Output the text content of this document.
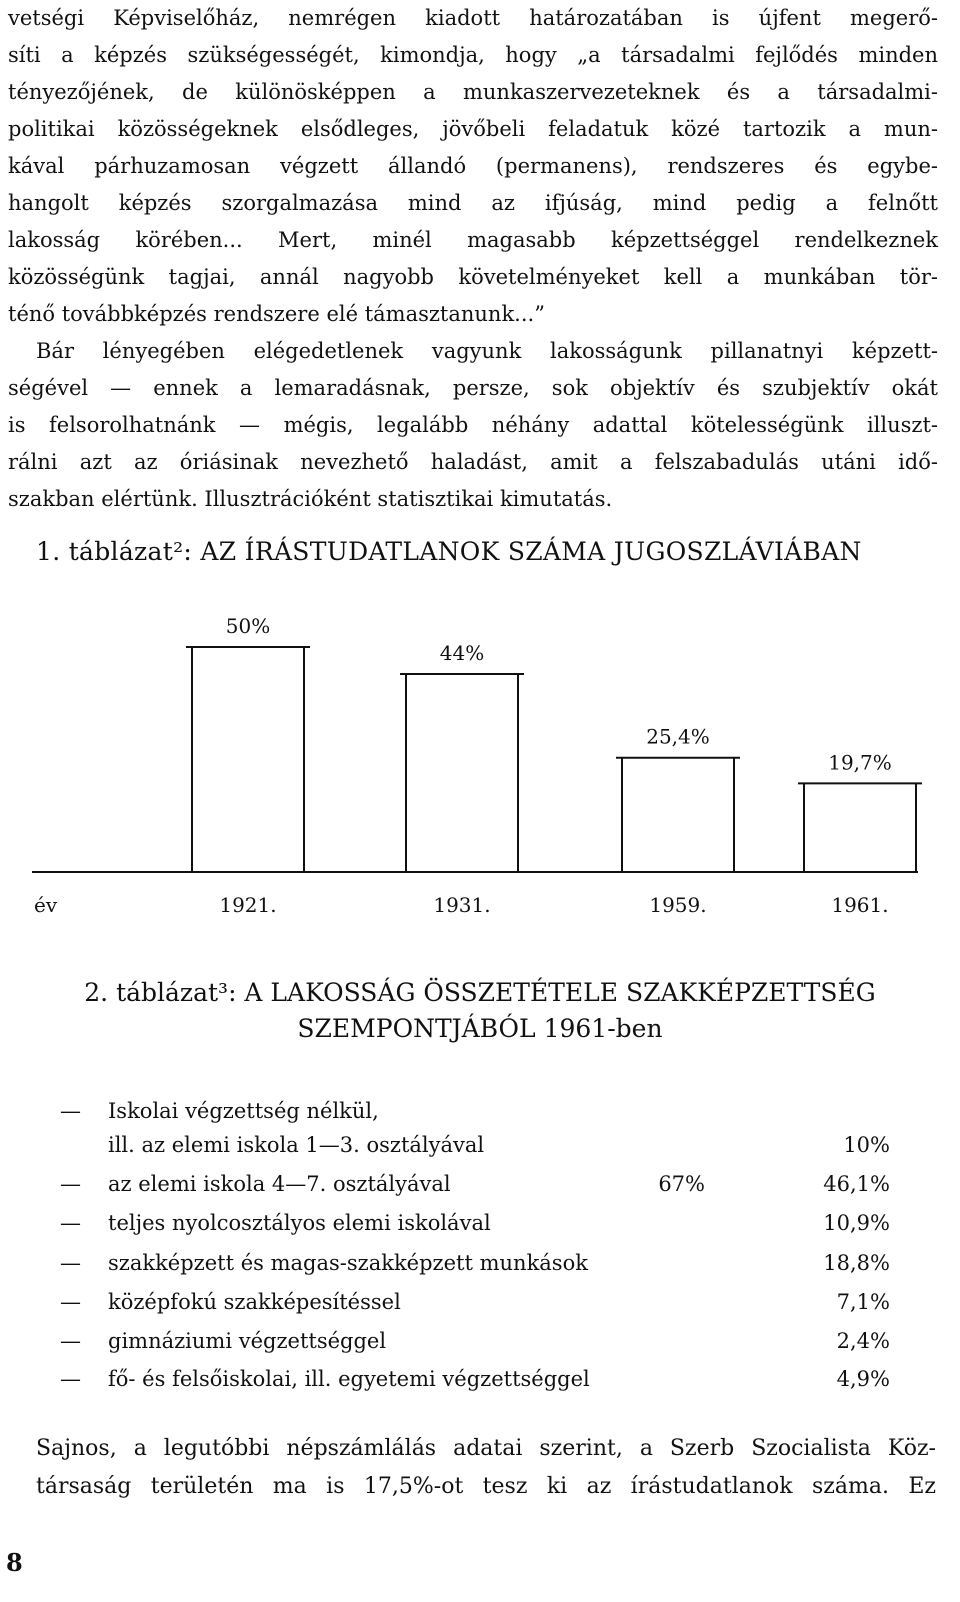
vetségi Képviselőház, nemrégen kiadott határozatában is újfent megerő-
síti a képzés szükségességét, kimondja, hogy „a társadalmi fejlődés minden
tényezőjének, de különösképpen a munkaszervezeteknek és a társadalmi-
politikai közösségeknek elsődleges, jövőbeli feladatuk közé tartozik a mun-
kával párhuzamosan végzett állandó (permanens), rendszeres és egybe-
hangolt képzés szorgalmazása mind az ifjúság, mind pedig a felnőtt
lakosság körében... Mert, minél magasabb képzettséggel rendelkeznek
közösségünk tagjai, annál nagyobb követelményeket kell a munkában tör-
ténő továbbképzés rendszere elé támasztanunk...”
Bár lényegében elégedetlenek vagyunk lakosságunk pillanatnyi képzett-
ségével — ennek a lemaradásnak, persze, sok objektív és szubjektív okát
is felsorolhatnánk — mégis, legalább néhány adattal kötelességünk illuszt-
rálni azt az óriásinak nevezhető haladást, amit a felszabadulás utáni idő-
szakban elértünk. Illusztrációként statisztikai kimutatás.
1. táblázat²: AZ ÍRÁSTUDATLANOK SZÁMA JUGOSZLÁVIÁBAN
év
50%
1921.
44%
1931.
25,4%
1959.
19,7%
1961.
2. táblázat³: A LAKOSSÁG ÖSSZETÉTELE SZAKKÉPZETTSÉG
SZEMPONTJÁBÓL 1961-ben
— Iskolai végzettség nélkül,
ill. az elemi iskola 1—3. osztályával	10%
— az elemi iskola 4—7. osztályával	67%	46,1%
— teljes nyolcosztályos elemi iskolával	10,9%
— szakképzett és magas-szakképzett munkások	18,8%
— középfokú szakképesítéssel	7,1%
— gimnáziumi végzettséggel	2,4%
— fő- és felsőiskolai, ill. egyetemi végzettséggel	4,9%
Sajnos, a legutóbbi népszámlálás adatai szerint, a Szerb Szocialista Köz-
társaság területén ma is 17,5%-ot tesz ki az írástudatlanok száma. Ez
8
